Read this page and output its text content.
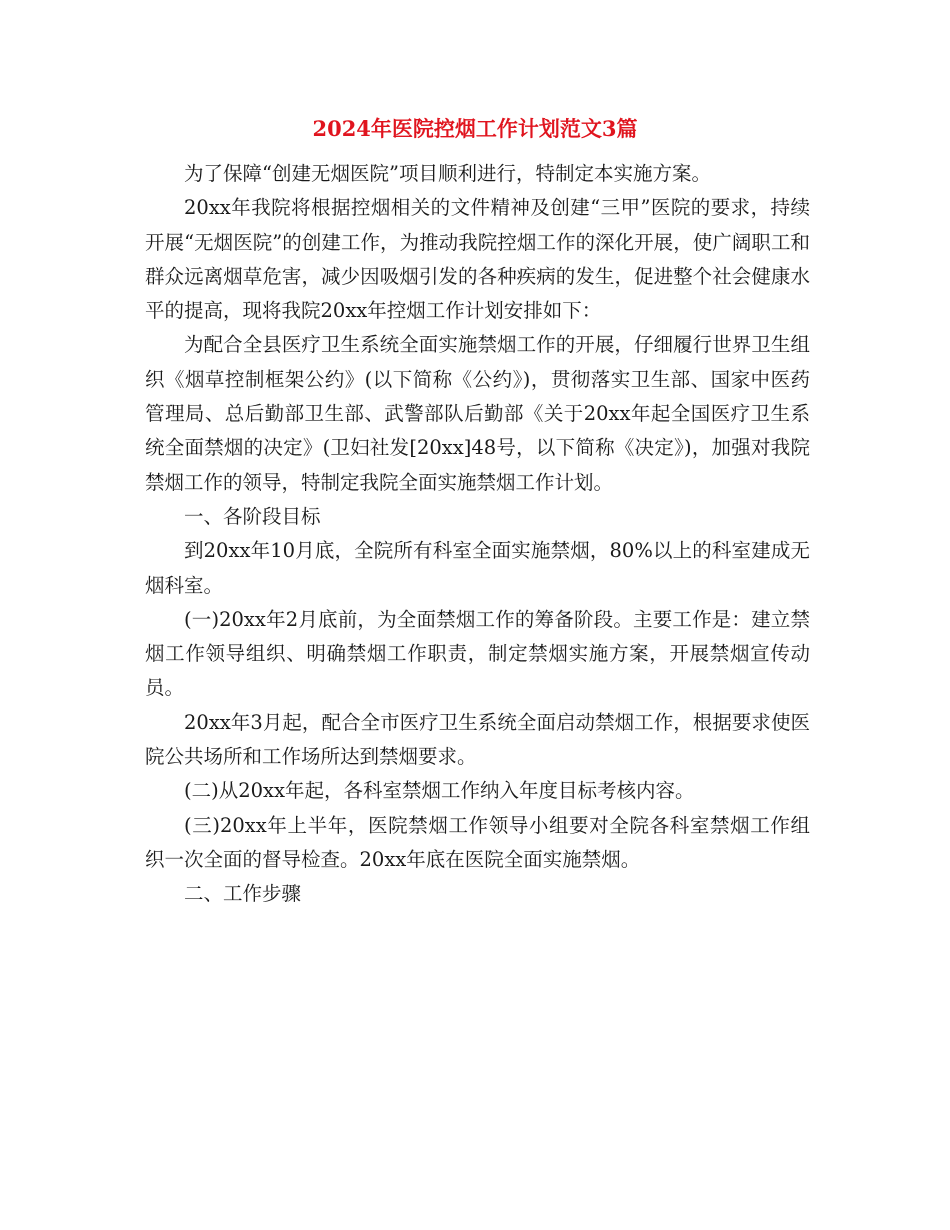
2024年医院控烟工作计划范文3篇

为了保障“创建无烟医院”项目顺利进行，特制定本实施方案。

20xx年我院将根据控烟相关的文件精神及创建“三甲”医院的要求，持续开展“无烟医院”的创建工作，为推动我院控烟工作的深化开展，使广阔职工和群众远离烟草危害，减少因吸烟引发的各种疾病的发生，促进整个社会健康水平的提高，现将我院20xx年控烟工作计划安排如下：

为配合全县医疗卫生系统全面实施禁烟工作的开展，仔细履行世界卫生组织《烟草控制框架公约》(以下简称《公约》)，贯彻落实卫生部、国家中医药管理局、总后勤部卫生部、武警部队后勤部《关于20xx年起全国医疗卫生系统全面禁烟的决定》(卫妇社发[20xx]48号，以下简称《决定》)，加强对我院禁烟工作的领导，特制定我院全面实施禁烟工作计划。

一、各阶段目标

到20xx年10月底，全院所有科室全面实施禁烟，80%以上的科室建成无烟科室。

(一)20xx年2月底前，为全面禁烟工作的筹备阶段。主要工作是：建立禁烟工作领导组织、明确禁烟工作职责，制定禁烟实施方案，开展禁烟宣传动员。

20xx年3月起，配合全市医疗卫生系统全面启动禁烟工作，根据要求使医院公共场所和工作场所达到禁烟要求。

(二)从20xx年起，各科室禁烟工作纳入年度目标考核内容。

(三)20xx年上半年，医院禁烟工作领导小组要对全院各科室禁烟工作组织一次全面的督导检查。20xx年底在医院全面实施禁烟。

二、工作步骤
